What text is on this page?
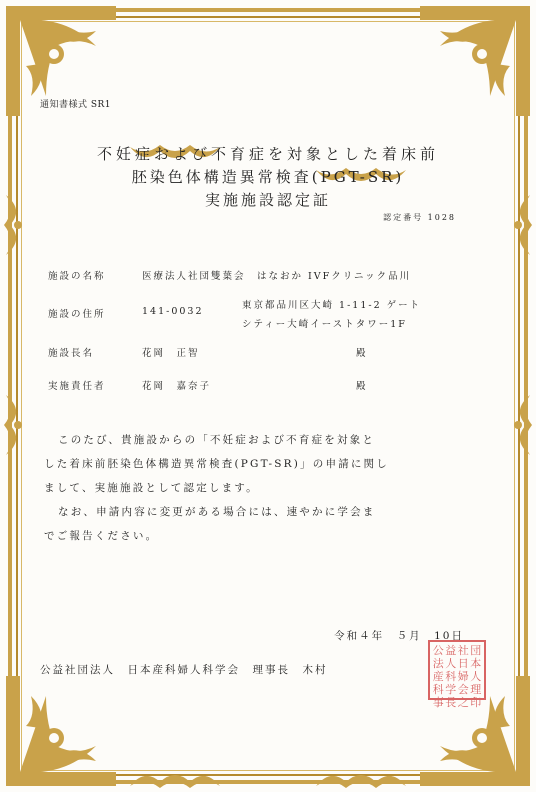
通知書様式 SR1
不妊症および不育症を対象とした着床前
胚染色体構造異常検査(PGT-SR)
実施施設認定証
認定番号 1028
施設の名称	医療法人社団雙葉会　はなおか IVFクリニック品川
施設の住所	141-0032
東京都品川区大崎 1-11-2 ゲート
シティー大崎イーストタワー1F
施設長名	花岡　正智	殿
実施責任者	花岡　嘉奈子	殿

このたび、貴施設からの「不妊症および不育症を対象と

した着床前胚染色体構造異常検査(PGT-SR)」の申請に関し

まして、実施施設として認定します。

なお、申請内容に変更がある場合には、速やかに学会ま

でご報告ください。

令和４年　５月　10日
公益社団法人　日本産科婦人科学会　理事長　木村
公 益 社 団
法 人 日 本
産 科 婦 人
科 学 会 理
事 長 之 印
